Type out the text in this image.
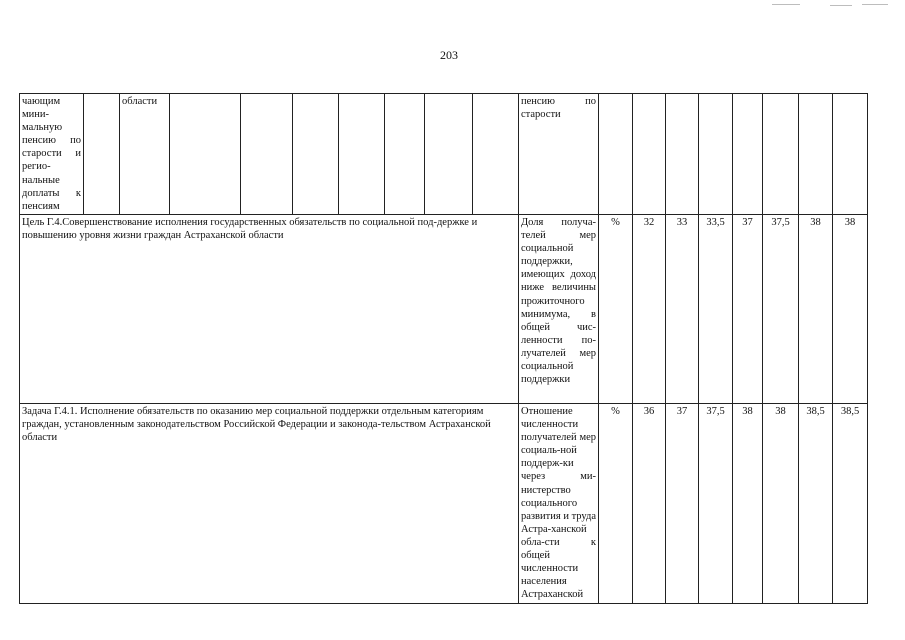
203
чающим мини-мальную пенсию по старости и регио-нальные доплаты к пенсиям		области								пенсию по старости								
Цель Г.4.Совершенствование исполнения государственных обязательств по социальной под-держке и повышению уровня жизни граждан Астраханской области										Доля получа-телей мер социальной поддержки, имеющих доход ниже величины прожиточного минимума, в общей чис-ленности по-лучателей мер социальной поддержки	%	32	33	33,5	37	37,5	38	38
Задача Г.4.1. Исполнение обязательств по оказанию мер социальной поддержки отдельным категориям граждан, установленным законодательством Российской Федерации и законода-тельством Астраханской области										Отношение численности получателей мер социаль-ной поддерж-ки через ми-нистерство социального развития и труда Астра-ханской обла-сти к общей численности населения Астраханской	%	36	37	37,5	38	38	38,5	38,5
